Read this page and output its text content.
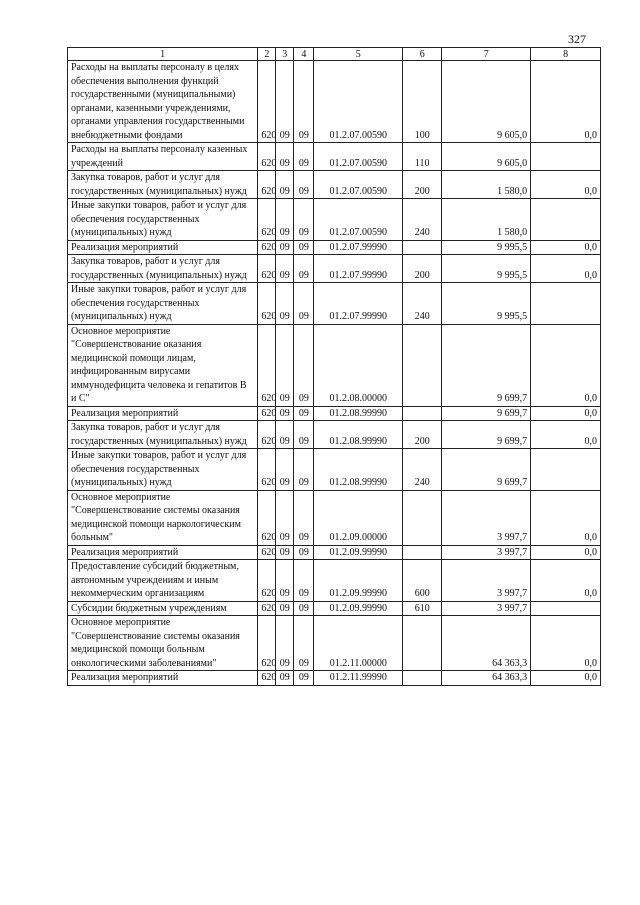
327
1	2	3	4	5	6	7	8
Расходы на выплаты персоналу в целях обеспечения выполнения функций государственными (муниципальными) органами, казенными учреждениями, органами управления государственными внебюджетными фондами	620	09	09	01.2.07.00590	100	9 605,0	0,0
Расходы на выплаты персоналу казенных учреждений	620	09	09	01.2.07.00590	110	9 605,0	
Закупка товаров, работ и услуг для государственных (муниципальных) нужд	620	09	09	01.2.07.00590	200	1 580,0	0,0
Иные закупки товаров, работ и услуг для обеспечения государственных (муниципальных) нужд	620	09	09	01.2.07.00590	240	1 580,0	
Реализация мероприятий	620	09	09	01.2.07.99990		9 995,5	0,0
Закупка товаров, работ и услуг для государственных (муниципальных) нужд	620	09	09	01.2.07.99990	200	9 995,5	0,0
Иные закупки товаров, работ и услуг для обеспечения государственных (муниципальных) нужд	620	09	09	01.2.07.99990	240	9 995,5	
Основное мероприятие "Совершенствование оказания медицинской помощи лицам, инфицированным вирусами иммунодефицита человека и гепатитов В и С"	620	09	09	01.2.08.00000		9 699,7	0,0
Реализация мероприятий	620	09	09	01.2.08.99990		9 699,7	0,0
Закупка товаров, работ и услуг для государственных (муниципальных) нужд	620	09	09	01.2.08.99990	200	9 699,7	0,0
Иные закупки товаров, работ и услуг для обеспечения государственных (муниципальных) нужд	620	09	09	01.2.08.99990	240	9 699,7	
Основное мероприятие "Совершенствование системы оказания медицинской помощи наркологическим больным"	620	09	09	01.2.09.00000		3 997,7	0,0
Реализация мероприятий	620	09	09	01.2.09.99990		3 997,7	0,0
Предоставление субсидий бюджетным, автономным учреждениям и иным некоммерческим организациям	620	09	09	01.2.09.99990	600	3 997,7	0,0
Субсидии бюджетным учреждениям	620	09	09	01.2.09.99990	610	3 997,7	
Основное мероприятие "Совершенствование системы оказания медицинской помощи больным онкологическими заболеваниями"	620	09	09	01.2.11.00000		64 363,3	0,0
Реализация мероприятий	620	09	09	01.2.11.99990		64 363,3	0,0
